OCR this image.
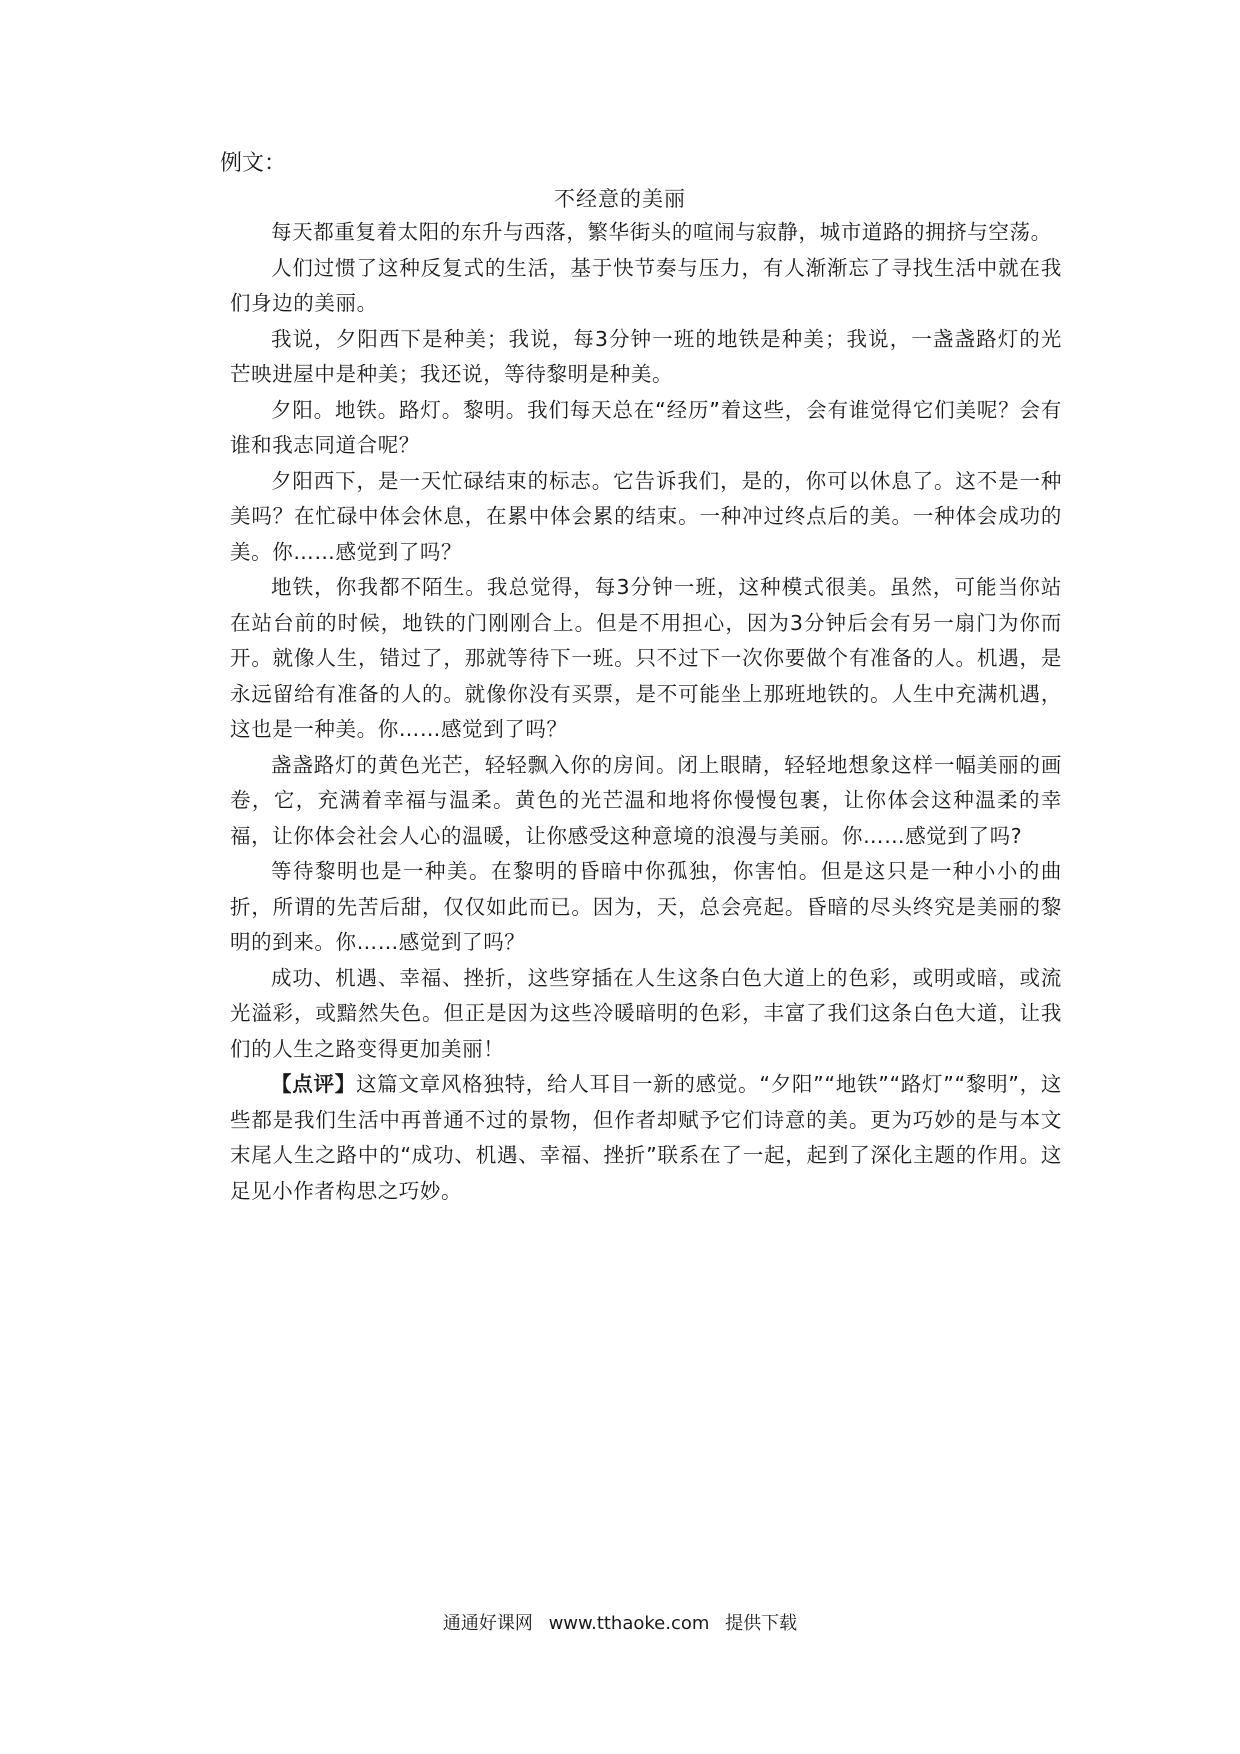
例文：
不经意的美丽

每天都重复着太阳的东升与西落，繁华街头的喧闹与寂静，城市道路的拥挤与空荡。

人们过惯了这种反复式的生活，基于快节奏与压力，有人渐渐忘了寻找生活中就在我们身边的美丽。

我说，夕阳西下是种美；我说，每3分钟一班的地铁是种美；我说，一盏盏路灯的光芒映进屋中是种美；我还说，等待黎明是种美。

夕阳。地铁。路灯。黎明。我们每天总在“经历”着这些，会有谁觉得它们美呢？会有谁和我志同道合呢？

夕阳西下，是一天忙碌结束的标志。它告诉我们，是的，你可以休息了。这不是一种美吗？在忙碌中体会休息，在累中体会累的结束。一种冲过终点后的美。一种体会成功的美。你……感觉到了吗？

地铁，你我都不陌生。我总觉得，每3分钟一班，这种模式很美。虽然，可能当你站在站台前的时候，地铁的门刚刚合上。但是不用担心，因为3分钟后会有另一扇门为你而开。就像人生，错过了，那就等待下一班。只不过下一次你要做个有准备的人。机遇，是永远留给有准备的人的。就像你没有买票，是不可能坐上那班地铁的。人生中充满机遇，这也是一种美。你……感觉到了吗？

盏盏路灯的黄色光芒，轻轻飘入你的房间。闭上眼睛，轻轻地想象这样一幅美丽的画卷，它，充满着幸福与温柔。黄色的光芒温和地将你慢慢包裹，让你体会这种温柔的幸福，让你体会社会人心的温暖，让你感受这种意境的浪漫与美丽。你……感觉到了吗?

等待黎明也是一种美。在黎明的昏暗中你孤独，你害怕。但是这只是一种小小的曲折，所谓的先苦后甜，仅仅如此而已。因为，天，总会亮起。昏暗的尽头终究是美丽的黎明的到来。你……感觉到了吗？

成功、机遇、幸福、挫折，这些穿插在人生这条白色大道上的色彩，或明或暗，或流光溢彩，或黯然失色。但正是因为这些冷暖暗明的色彩，丰富了我们这条白色大道，让我们的人生之路变得更加美丽！

【点评】这篇文章风格独特，给人耳目一新的感觉。“夕阳”“地铁”“路灯”“黎明”，这些都是我们生活中再普通不过的景物，但作者却赋予它们诗意的美。更为巧妙的是与本文末尾人生之路中的“成功、机遇、幸福、挫折”联系在了一起，起到了深化主题的作用。这足见小作者构思之巧妙。

通通好课网 www.tthaoke.com 提供下载
